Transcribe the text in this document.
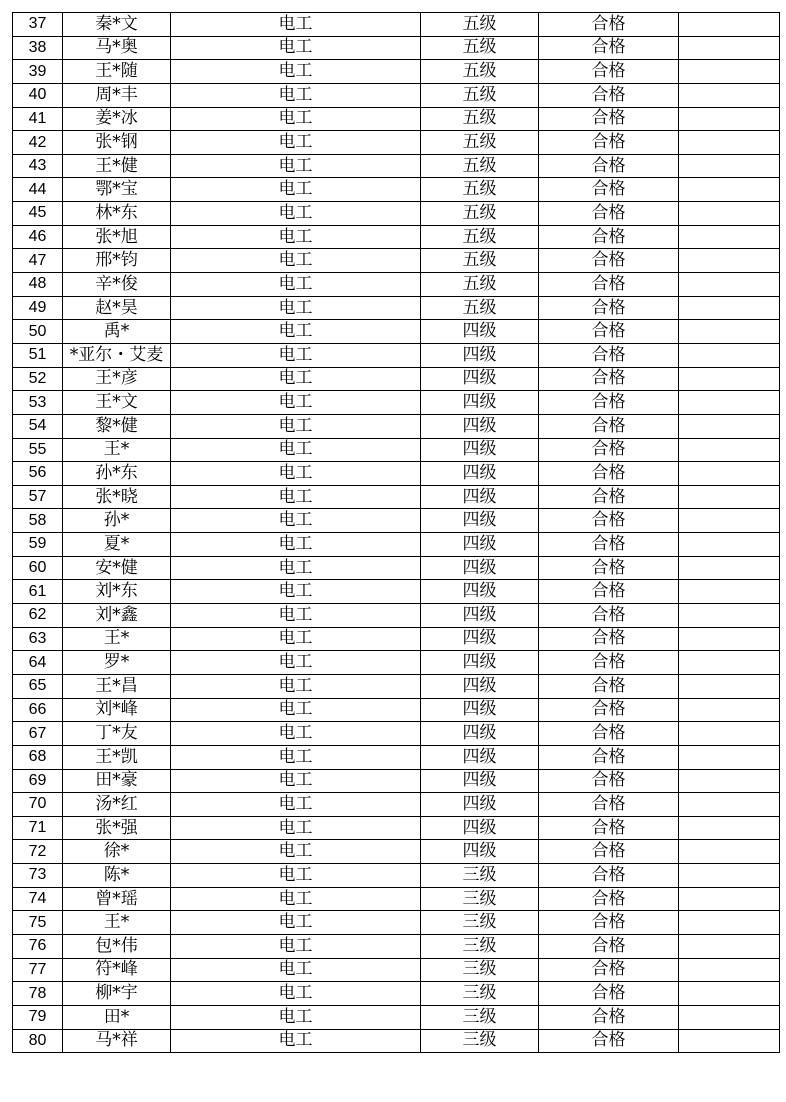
37	秦*文	电工	五级	合格	
38	马*奥	电工	五级	合格	
39	王*随	电工	五级	合格	
40	周*丰	电工	五级	合格	
41	姜*冰	电工	五级	合格	
42	张*钢	电工	五级	合格	
43	王*健	电工	五级	合格	
44	鄂*宝	电工	五级	合格	
45	林*东	电工	五级	合格	
46	张*旭	电工	五级	合格	
47	邢*钧	电工	五级	合格	
48	辛*俊	电工	五级	合格	
49	赵*昊	电工	五级	合格	
50	禹*	电工	四级	合格	
51	*亚尔・艾麦	电工	四级	合格	
52	王*彦	电工	四级	合格	
53	王*文	电工	四级	合格	
54	黎*健	电工	四级	合格	
55	王*	电工	四级	合格	
56	孙*东	电工	四级	合格	
57	张*晓	电工	四级	合格	
58	孙*	电工	四级	合格	
59	夏*	电工	四级	合格	
60	安*健	电工	四级	合格	
61	刘*东	电工	四级	合格	
62	刘*鑫	电工	四级	合格	
63	王*	电工	四级	合格	
64	罗*	电工	四级	合格	
65	王*昌	电工	四级	合格	
66	刘*峰	电工	四级	合格	
67	丁*友	电工	四级	合格	
68	王*凯	电工	四级	合格	
69	田*豪	电工	四级	合格	
70	汤*红	电工	四级	合格	
71	张*强	电工	四级	合格	
72	徐*	电工	四级	合格	
73	陈*	电工	三级	合格	
74	曾*瑶	电工	三级	合格	
75	王*	电工	三级	合格	
76	包*伟	电工	三级	合格	
77	符*峰	电工	三级	合格	
78	柳*宇	电工	三级	合格	
79	田*	电工	三级	合格	
80	马*祥	电工	三级	合格	
